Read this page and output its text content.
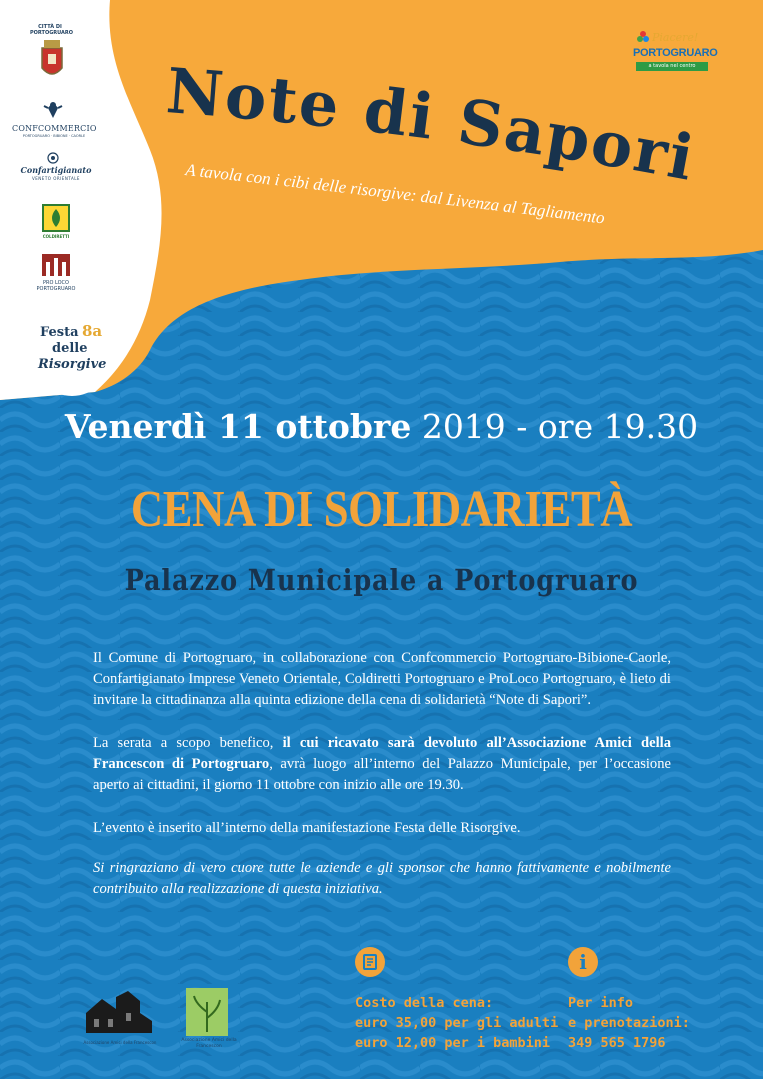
CITTÀ DI
PORTOGRUARO
CONFCOMMERCIO
PORTOGRUARO · BIBIONE · CAORLE
Confartigianato
VENETO ORIENTALE
COLDIRETTI
PRO LOCO
PORTOGRUARO
Festa 8a
delle
Risorgive
Piacere!
PORTOGRUARO
a tavola nel centro
Note di Sapori
A tavola con i cibi delle risorgive: dal Livenza al Tagliamento
Venerdì 11 ottobre 2019 - ore 19.30
CENA DI SOLIDARIETÀ
Palazzo Municipale a Portogruaro

Il Comune di Portogruaro, in collaborazione con Confcommercio Portogruaro-Bibione-Caorle, Confartigianato Imprese Veneto Orientale, Coldiretti Portogruaro e ProLoco Portogruaro, è lieto di invitare la cittadinanza alla quinta edizione della cena di solidarietà “Note di Sapori”.

La serata a scopo benefico, il cui ricavato sarà devoluto all’Associazione Amici della Francescon di Portogruaro, avrà luogo all’interno del Palazzo Municipale, per l’occasione aperto ai cittadini, il giorno 11 ottobre con inizio alle ore 19.30.

L’evento è inserito all’interno della manifestazione Festa delle Risorgive.

Si ringraziano di vero cuore tutte le aziende e gli sponsor che hanno fattivamente e nobilmente contribuito alla realizzazione di questa iniziativa.

Associazione Amici della Francescon	Associazione Amici della Francescon
i

Costo della cena:
euro 35,00 per gli adulti
euro 12,00 per i bambini

Per info
e prenotazioni:
349 565 1796
